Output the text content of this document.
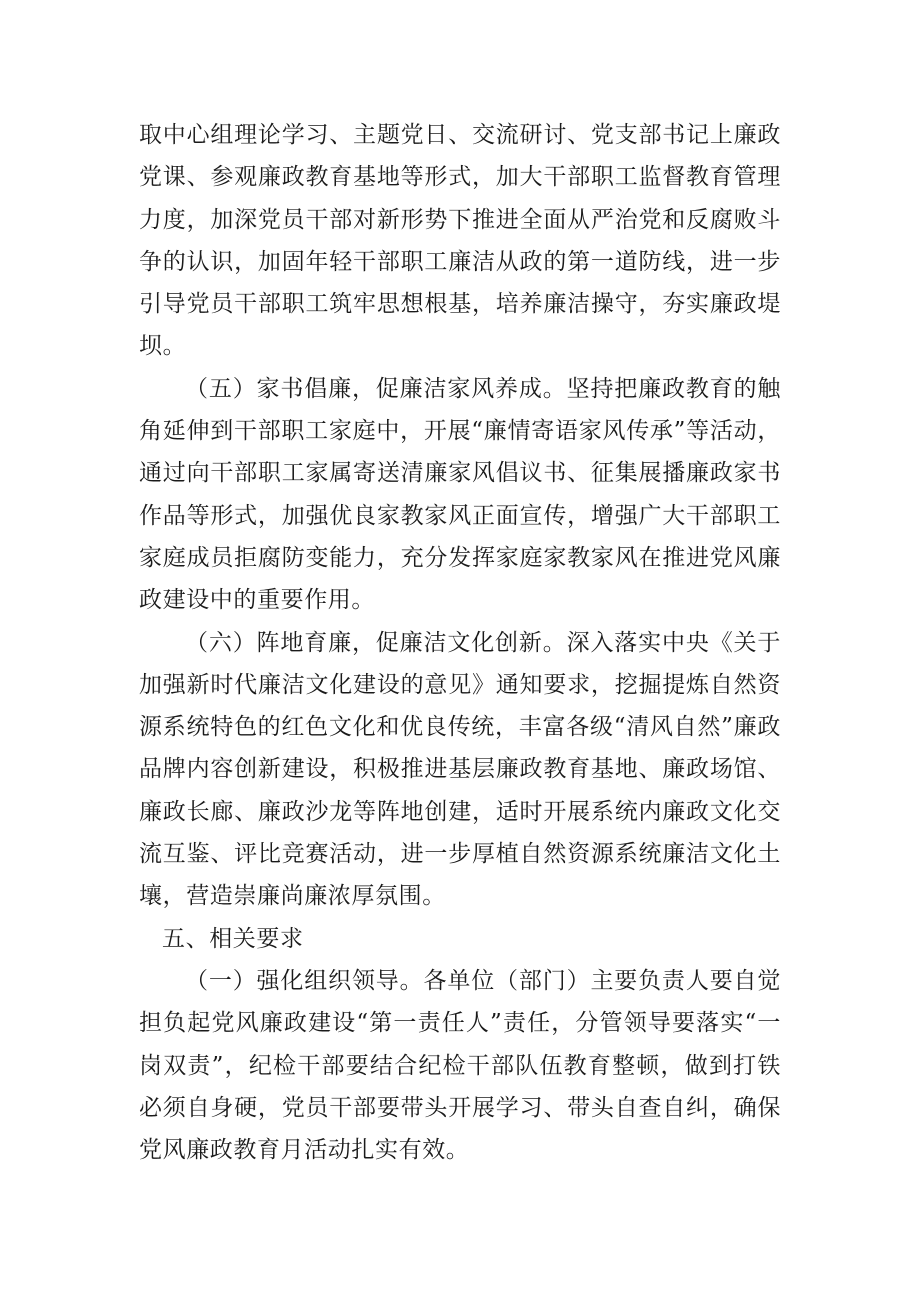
取中心组理论学习、主题党日、交流研讨、党支部书记上廉政党课、参观廉政教育基地等形式，加大干部职工监督教育管理力度，加深党员干部对新形势下推进全面从严治党和反腐败斗争的认识，加固年轻干部职工廉洁从政的第一道防线，进一步引导党员干部职工筑牢思想根基，培养廉洁操守，夯实廉政堤坝。

（五）家书倡廉，促廉洁家风养成。坚持把廉政教育的触角延伸到干部职工家庭中，开展“廉情寄语家风传承”等活动，通过向干部职工家属寄送清廉家风倡议书、征集展播廉政家书作品等形式，加强优良家教家风正面宣传，增强广大干部职工家庭成员拒腐防变能力，充分发挥家庭家教家风在推进党风廉政建设中的重要作用。

（六）阵地育廉，促廉洁文化创新。深入落实中央《关于加强新时代廉洁文化建设的意见》通知要求，挖掘提炼自然资源系统特色的红色文化和优良传统，丰富各级“清风自然”廉政品牌内容创新建设，积极推进基层廉政教育基地、廉政场馆、廉政长廊、廉政沙龙等阵地创建，适时开展系统内廉政文化交流互鉴、评比竞赛活动，进一步厚植自然资源系统廉洁文化土壤，营造崇廉尚廉浓厚氛围。

五、相关要求

（一）强化组织领导。各单位（部门）主要负责人要自觉担负起党风廉政建设“第一责任人”责任，分管领导要落实“一岗双责”，纪检干部要结合纪检干部队伍教育整顿，做到打铁必须自身硬，党员干部要带头开展学习、带头自查自纠，确保党风廉政教育月活动扎实有效。
